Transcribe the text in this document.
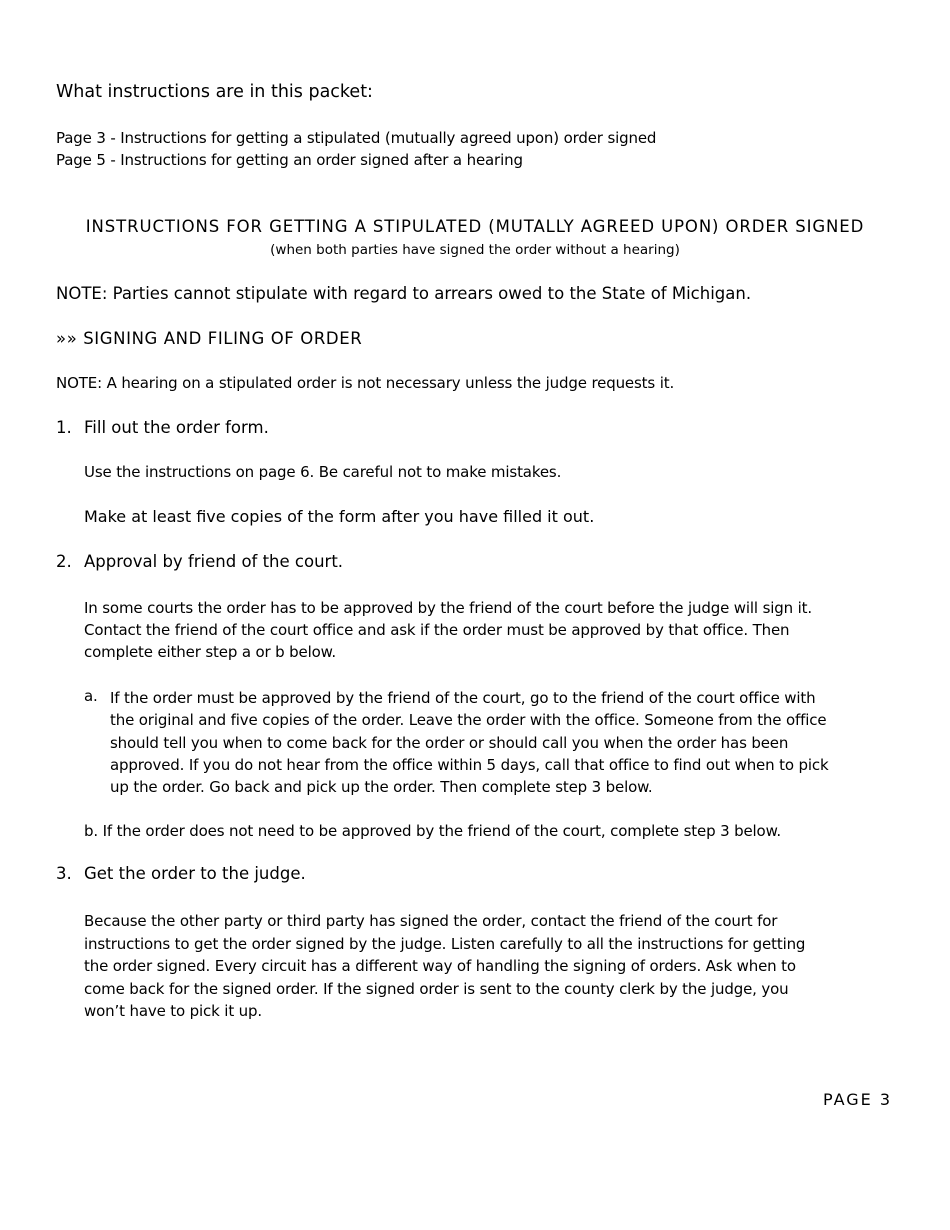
What instructions are in this packet:

Page 3 - Instructions for getting a stipulated (mutually agreed upon) order signed

Page 5 - Instructions for getting an order signed after a hearing

INSTRUCTIONS FOR GETTING A STIPULATED (MUTALLY AGREED UPON) ORDER SIGNED

(when both parties have signed the order without a hearing)

NOTE: Parties cannot stipulate with regard to arrears owed to the State of Michigan.

»» SIGNING AND FILING OF ORDER

NOTE: A hearing on a stipulated order is not necessary unless the judge requests it.

1. Fill out the order form.

Use the instructions on page 6. Be careful not to make mistakes.

Make at least five copies of the form after you have filled it out.

2. Approval by friend of the court.

In some courts the order has to be approved by the friend of the court before the judge will sign it.
Contact the friend of the court office and ask if the order must be approved by that office. Then
complete either step a or b below.

a. If the order must be approved by the friend of the court, go to the friend of the court office with
the original and five copies of the order. Leave the order with the office. Someone from the office
should tell you when to come back for the order or should call you when the order has been
approved. If you do not hear from the office within 5 days, call that office to find out when to pick
up the order. Go back and pick up the order. Then complete step 3 below.

b. If the order does not need to be approved by the friend of the court, complete step 3 below.

3. Get the order to the judge.

Because the other party or third party has signed the order, contact the friend of the court for
instructions to get the order signed by the judge. Listen carefully to all the instructions for getting
the order signed. Every circuit has a different way of handling the signing of orders. Ask when to
come back for the signed order. If the signed order is sent to the county clerk by the judge, you
won’t have to pick it up.

PAGE 3
